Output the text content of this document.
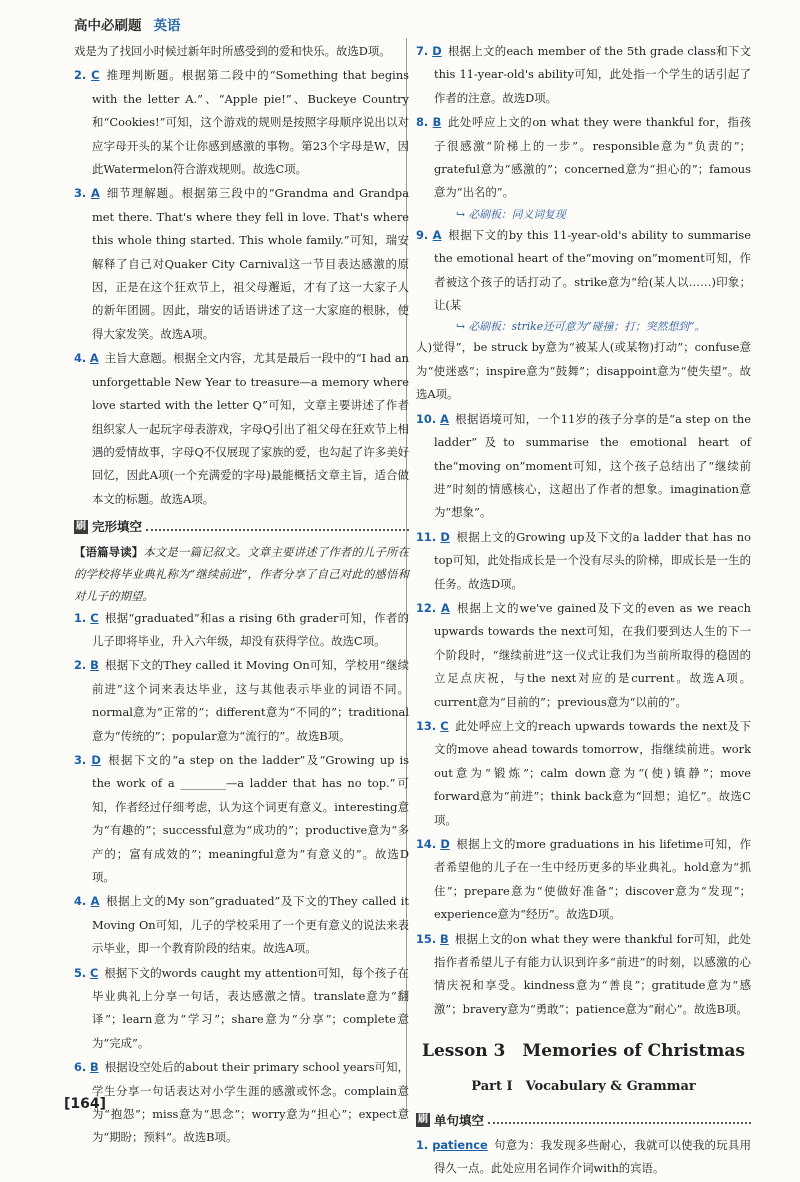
高中必刷题 英语
戏是为了找回小时候过新年时所感受到的爱和快乐。故选D项。
2. C 推理判断题。根据第二段中的“Something that begins with the letter A.”、“Apple pie!”、Buckeye Country和“Cookies!”可知，这个游戏的规则是按照字母顺序说出以对应字母开头的某个让你感到感激的事物。第23个字母是W，因此Watermelon符合游戏规则。故选C项。
3. A 细节理解题。根据第三段中的“Grandma and Grandpa met there. That's where they fell in love. That's where this whole thing started. This whole family.”可知，瑞安解释了自己对Quaker City Carnival这一节目表达感激的原因，正是在这个狂欢节上，祖父母邂逅，才有了这一大家子人的新年团圆。因此，瑞安的话语讲述了这一大家庭的根脉，使得大家发笑。故选A项。
4. A 主旨大意题。根据全文内容，尤其是最后一段中的“I had an unforgettable New Year to treasure—a memory where love started with the letter Q”可知，文章主要讲述了作者组织家人一起玩字母表游戏，字母Q引出了祖父母在狂欢节上相遇的爱情故事，字母Q不仅展现了家族的爱，也勾起了许多美好回忆，因此A项(一个充满爱的字母)最能概括文章主旨，适合做本文的标题。故选A项。
刷 完形填空
【语篇导读】本文是一篇记叙文。文章主要讲述了作者的儿子所在的学校将毕业典礼称为“继续前进”，作者分享了自己对此的感悟和对儿子的期望。
1. C 根据“graduated”和as a rising 6th grader可知，作者的儿子即将毕业，升入六年级，却没有获得学位。故选C项。
2. B 根据下文的They called it Moving On可知，学校用“继续前进”这个词来表达毕业，这与其他表示毕业的词语不同。normal意为“正常的”；different意为“不同的”；traditional意为“传统的”；popular意为“流行的”。故选B项。
3. D 根据下文的“a step on the ladder”及“Growing up is the work of a ________—a ladder that has no top.”可知，作者经过仔细考虑，认为这个词更有意义。interesting意为“有趣的”；successful意为“成功的”；productive意为“多产的；富有成效的”；meaningful意为“有意义的”。故选D项。
4. A 根据上文的My son“graduated”及下文的They called it Moving On可知，儿子的学校采用了一个更有意义的说法来表示毕业，即一个教育阶段的结束。故选A项。
5. C 根据下文的words caught my attention可知，每个孩子在毕业典礼上分享一句话，表达感激之情。translate意为“翻译”；learn意为“学习”；share意为“分享”；complete意为“完成”。
6. B 根据设空处后的about their primary school years可知，学生分享一句话表达对小学生涯的感激或怀念。complain意为“抱怨”；miss意为“思念”；worry意为“担心”；expect意为“期盼；预料”。故选B项。
7. D 根据上文的each member of the 5th grade class和下文this 11-year-old's ability可知，此处指一个学生的话引起了作者的注意。故选D项。
8. B 此处呼应上文的on what they were thankful for，指孩子很感激“阶梯上的一步”。responsible意为“负责的”；grateful意为“感激的”；concerned意为“担心的”；famous意为“出名的”。
↪ 必刷板：同义词复现
9. A 根据下文的by this 11-year-old's ability to summarise the emotional heart of the“moving on”moment可知，作者被这个孩子的话打动了。strike意为“给(某人以……)印象；让(某
↪ 必刷板：strike还可意为“碰撞；打；突然想到”。
人)觉得”，be struck by意为“被某人(或某物)打动”；confuse意为“使迷惑”；inspire意为“鼓舞”；disappoint意为“使失望”。故选A项。
10. A 根据语境可知，一个11岁的孩子分享的是“a step on the ladder”及to summarise the emotional heart of the“moving on”moment可知，这个孩子总结出了“继续前进”时刻的情感核心，这超出了作者的想象。imagination意为“想象”。
11. D 根据上文的Growing up及下文的a ladder that has no top可知，此处指成长是一个没有尽头的阶梯，即成长是一生的任务。故选D项。
12. A 根据上文的we've gained及下文的even as we reach upwards towards the next可知，在我们要到达人生的下一个阶段时，“继续前进”这一仪式让我们为当前所取得的稳固的立足点庆祝，与the next对应的是current。故选A项。current意为“目前的”；previous意为“以前的”。
13. C 此处呼应上文的reach upwards towards the next及下文的move ahead towards tomorrow，指继续前进。work out意为“锻炼”；calm down意为“(使)镇静”；move forward意为“前进”；think back意为“回想；追忆”。故选C项。
14. D 根据上文的more graduations in his lifetime可知，作者希望他的儿子在一生中经历更多的毕业典礼。hold意为“抓住”；prepare意为“使做好准备”；discover意为“发现”；experience意为“经历”。故选D项。
15. B 根据上文的on what they were thankful for可知，此处指作者希望儿子有能力认识到许多“前进”的时刻，以感激的心情庆祝和享受。kindness意为“善良”；gratitude意为“感激”；bravery意为“勇敢”；patience意为“耐心”。故选B项。
Lesson 3　Memories of Christmas
Part Ⅰ　Vocabulary & Grammar
刷 单句填空
1. patience 句意为：我发现多些耐心，我就可以使我的玩具用得久一点。此处应用名词作介词with的宾语。
[164]
